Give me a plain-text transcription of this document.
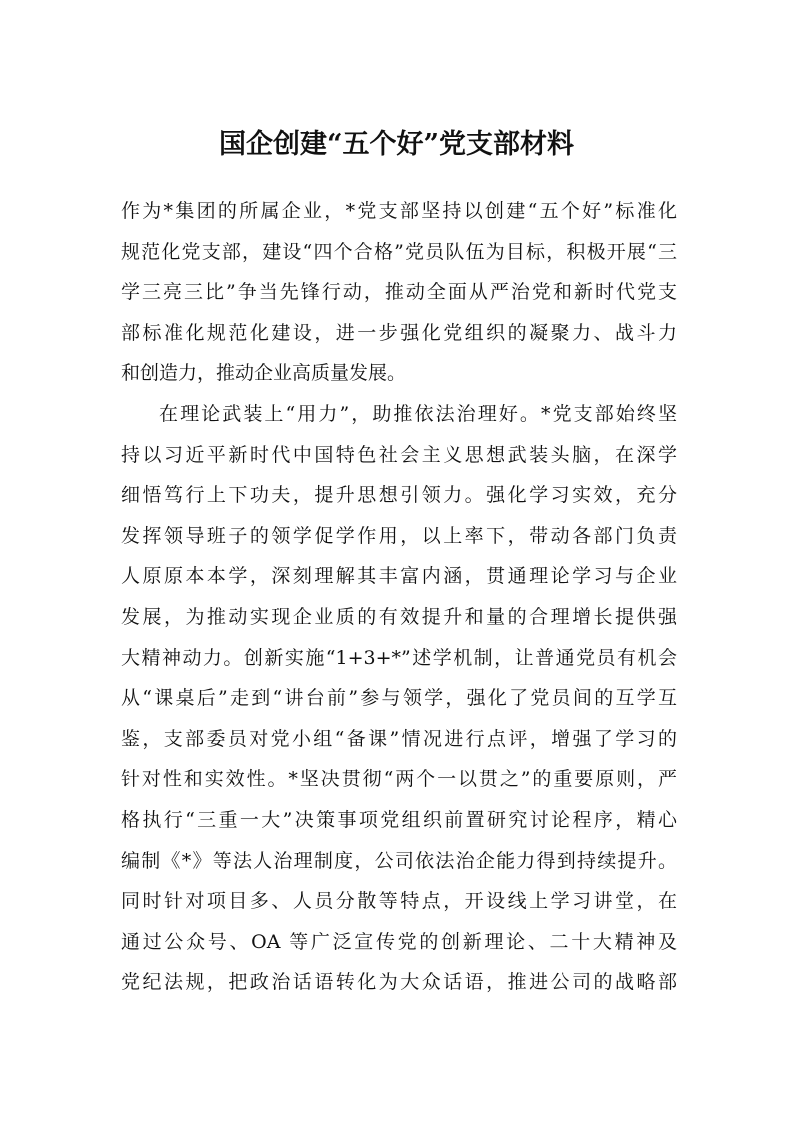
国企创建“五个好”党支部材料

作为*集团的所属企业，*党支部坚持以创建“五个好”标准化
规范化党支部，建设“四个合格”党员队伍为目标，积极开展“三
学三亮三比”争当先锋行动，推动全面从严治党和新时代党支
部标准化规范化建设，进一步强化党组织的凝聚力、战斗力
和创造力，推动企业高质量发展。

在理论武装上“用力”，助推依法治理好。*党支部始终坚
持以习近平新时代中国特色社会主义思想武装头脑，在深学
细悟笃行上下功夫，提升思想引领力。强化学习实效，充分
发挥领导班子的领学促学作用，以上率下，带动各部门负责
人原原本本学，深刻理解其丰富内涵，贯通理论学习与企业
发展，为推动实现企业质的有效提升和量的合理增长提供强
大精神动力。创新实施“1+3+*”述学机制，让普通党员有机会
从“课桌后”走到“讲台前”参与领学，强化了党员间的互学互
鉴，支部委员对党小组“备课”情况进行点评，增强了学习的
针对性和实效性。*坚决贯彻“两个一以贯之”的重要原则，严
格执行“三重一大”决策事项党组织前置研究讨论程序，精心
编制《*》等法人治理制度，公司依法治企能力得到持续提升。
同时针对项目多、人员分散等特点，开设线上学习讲堂，在
通过公众号、OA 等广泛宣传党的创新理论、二十大精神及
党纪法规，把政治话语转化为大众话语，推进公司的战略部
